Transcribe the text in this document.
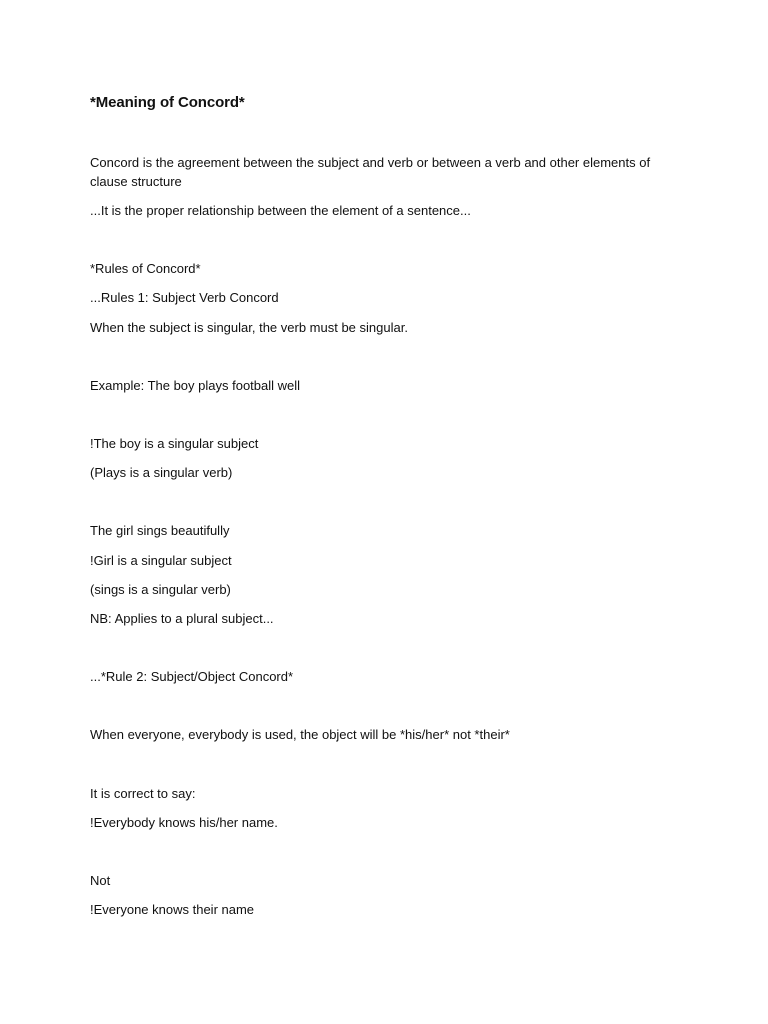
*Meaning of Concord*
Concord is the agreement between the subject and verb or between a verb and other elements of clause structure
...It is the proper relationship between the element of a sentence...
*Rules of Concord*
...Rules 1: Subject Verb Concord
When the subject is singular, the verb must be singular.
Example: The boy plays football well
!The boy is a singular subject
(Plays is a singular verb)
The girl sings beautifully
!Girl is a singular subject
(sings is a singular verb)
NB: Applies to a plural subject...
...*Rule 2: Subject/Object Concord*
When everyone, everybody is used, the object will be *his/her* not *their*
It is correct to say:
!Everybody knows his/her name.
Not
!Everyone knows their name
